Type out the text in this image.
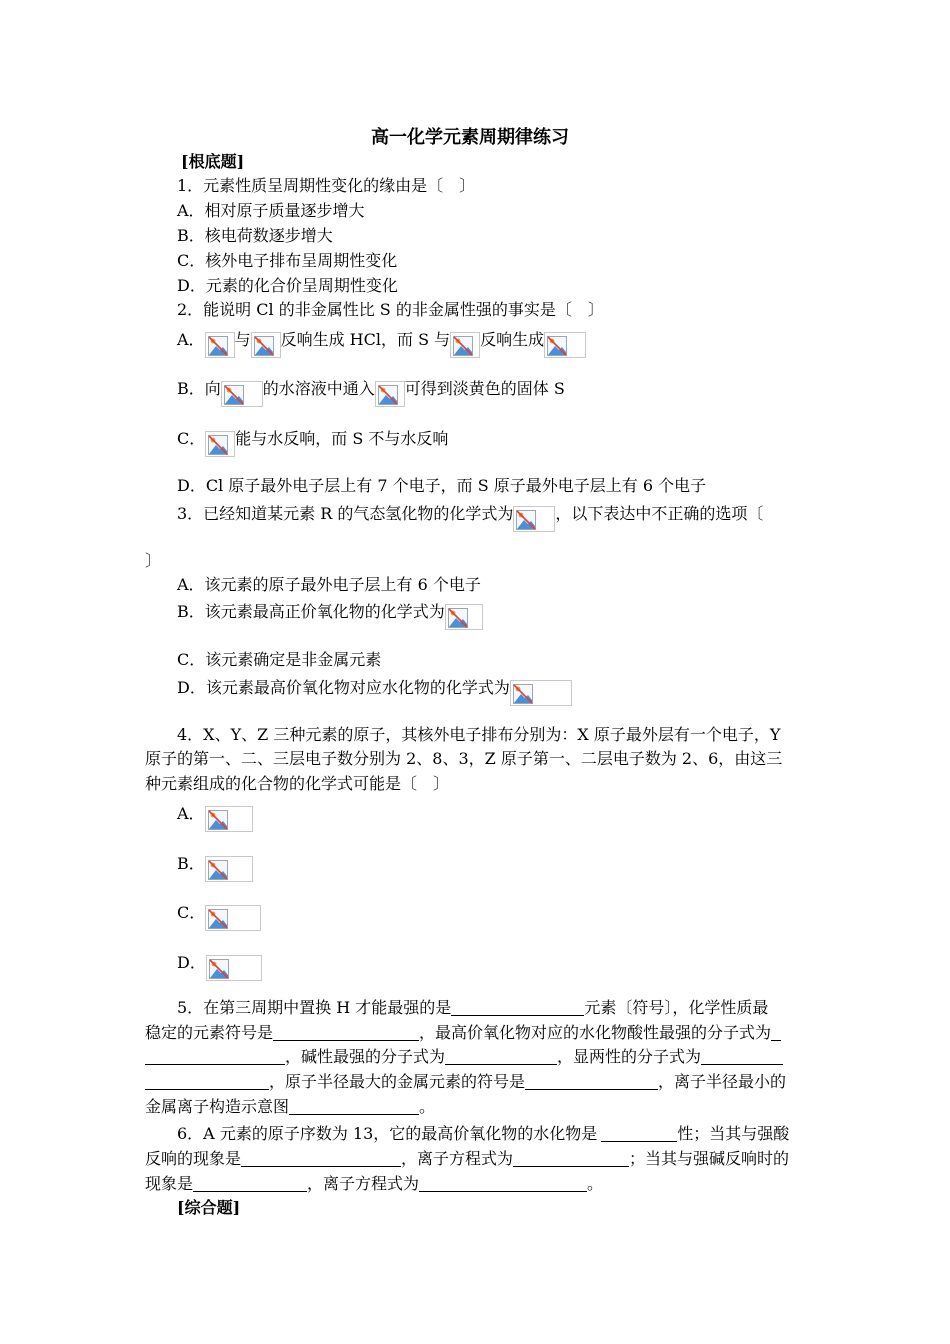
高一化学元素周期律练习
[根底题]
1．元素性质呈周期性变化的缘由是〔　〕
A．相对原子质量逐步增大
B．核电荷数逐步增大
C．核外电子排布呈周期性变化
D．元素的化合价呈周期性变化
2．能说明 Cl 的非金属性比 S 的非金属性强的事实是〔　〕
A． 与 反响生成 HCl，而 S 与 反响生成
B．向	的水溶液中通入 可得到淡黄色的固体 S
C． 能与水反响，而 S 不与水反响
D．Cl 原子最外电子层上有 7 个电子，而 S 原子最外电子层上有 6 个电子
3．已经知道某元素 R 的气态氢化物的化学式为	，以下表达中不正确的选项〔
〕
A．该元素的原子最外电子层上有 6 个电子
B．该元素最高正价氧化物的化学式为
C．该元素确定是非金属元素
D．该元素最高价氧化物对应水化物的化学式为
4．X、Y、Z 三种元素的原子，其核外电子排布分别为：X 原子最外层有一个电子，Y
原子的第一、二、三层电子数分别为 2、8、3，Z 原子第一、二层电子数为 2、6，由这三
种元素组成的化合物的化学式可能是〔　〕
A．
B．
C．
D．
5．在第三周期中置换 H 才能最强的是	元素〔符号〕，化学性质最
稳定的元素符号是	，最高价氧化物对应的水化物酸性最强的分子式为
，碱性最强的分子式为	，显两性的分子式为
，原子半径最大的金属元素的符号是	，离子半径最小的
金属离子构造示意图	。
6．A 元素的原子序数为 13，它的最高价氧化物的水化物是	性；当其与强酸
反响的现象是	，离子方程式为	；当其与强碱反响时的
现象是	，离子方程式为	。
[综合题]
